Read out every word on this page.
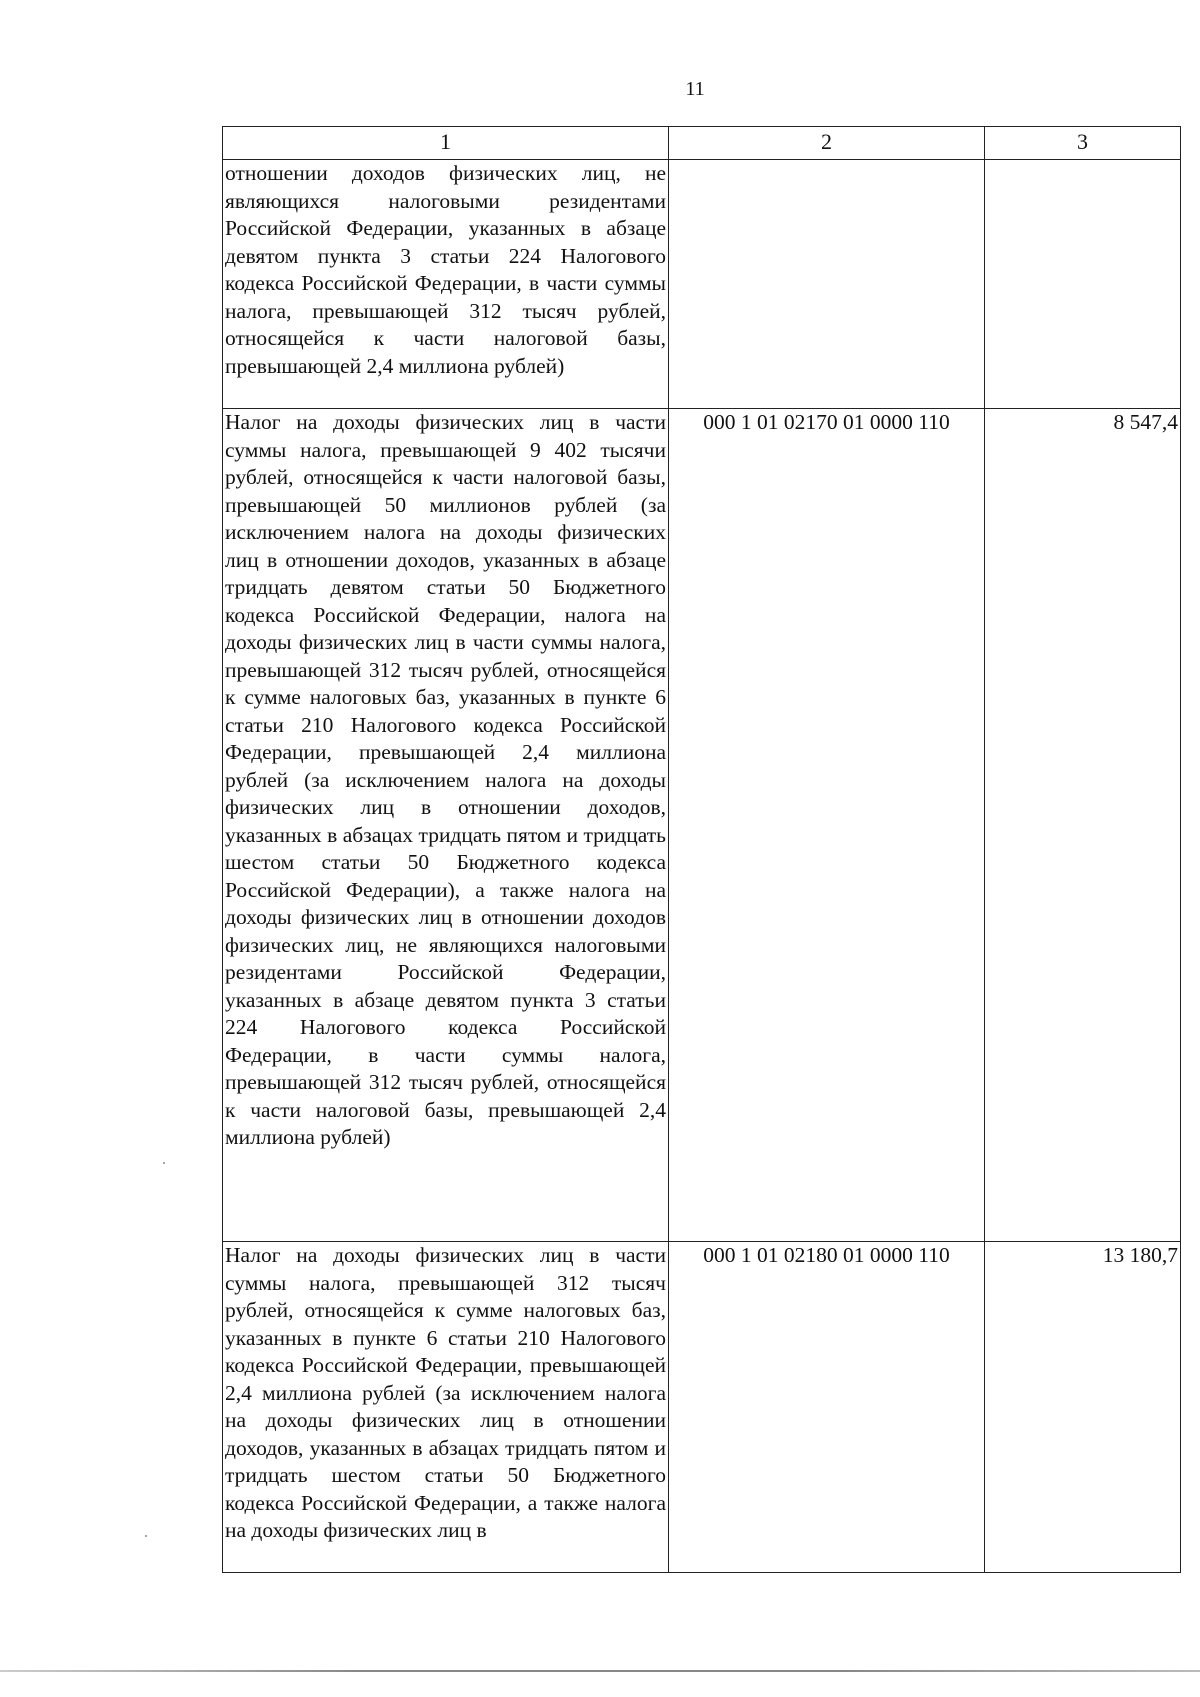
11
1	2	3
отношении доходов физических лиц, не являющихся налоговыми резидентами Российской Федерации, указанных в абзаце девятом пункта 3 статьи 224 Налогового кодекса Российской Федерации, в части суммы налога, превышающей 312 тысяч рублей, относящейся к части налоговой базы, превышающей 2,4 миллиона рублей)		
Налог на доходы физических лиц в части суммы налога, превышающей 9 402 тысячи рублей, относящейся к части налоговой базы, превышающей 50 миллионов рублей (за исключением налога на доходы физических лиц в отношении доходов, указанных в абзаце тридцать девятом статьи 50 Бюджетного кодекса Российской Федерации, налога на доходы физических лиц в части суммы налога, превышающей 312 тысяч рублей, относящейся к сумме налоговых баз, указанных в пункте 6 статьи 210 Налогового кодекса Российской Федерации, превышающей 2,4 миллиона рублей (за исключением налога на доходы физических лиц в отношении доходов, указанных в абзацах тридцать пятом и тридцать шестом статьи 50 Бюджетного кодекса Российской Федерации), а также налога на доходы физических лиц в отношении доходов физических лиц, не являющихся налоговыми резидентами Российской Федерации, указанных в абзаце девятом пункта 3 статьи 224 Налогового кодекса Российской Федерации, в части суммы налога, превышающей 312 тысяч рублей, относящейся к части налоговой базы, превышающей 2,4 миллиона рублей)	000 1 01 02170 01 0000 110	8 547,4
Налог на доходы физических лиц в части суммы налога, превышающей 312 тысяч рублей, относящейся к сумме налоговых баз, указанных в пункте 6 статьи 210 Налогового кодекса Российской Федерации, превышающей 2,4 миллиона рублей (за исключением налога на доходы физических лиц в отношении доходов, указанных в абзацах тридцать пятом и тридцать шестом статьи 50 Бюджетного кодекса Российской Федерации, а также налога на доходы физических лиц в	000 1 01 02180 01 0000 110	13 180,7
